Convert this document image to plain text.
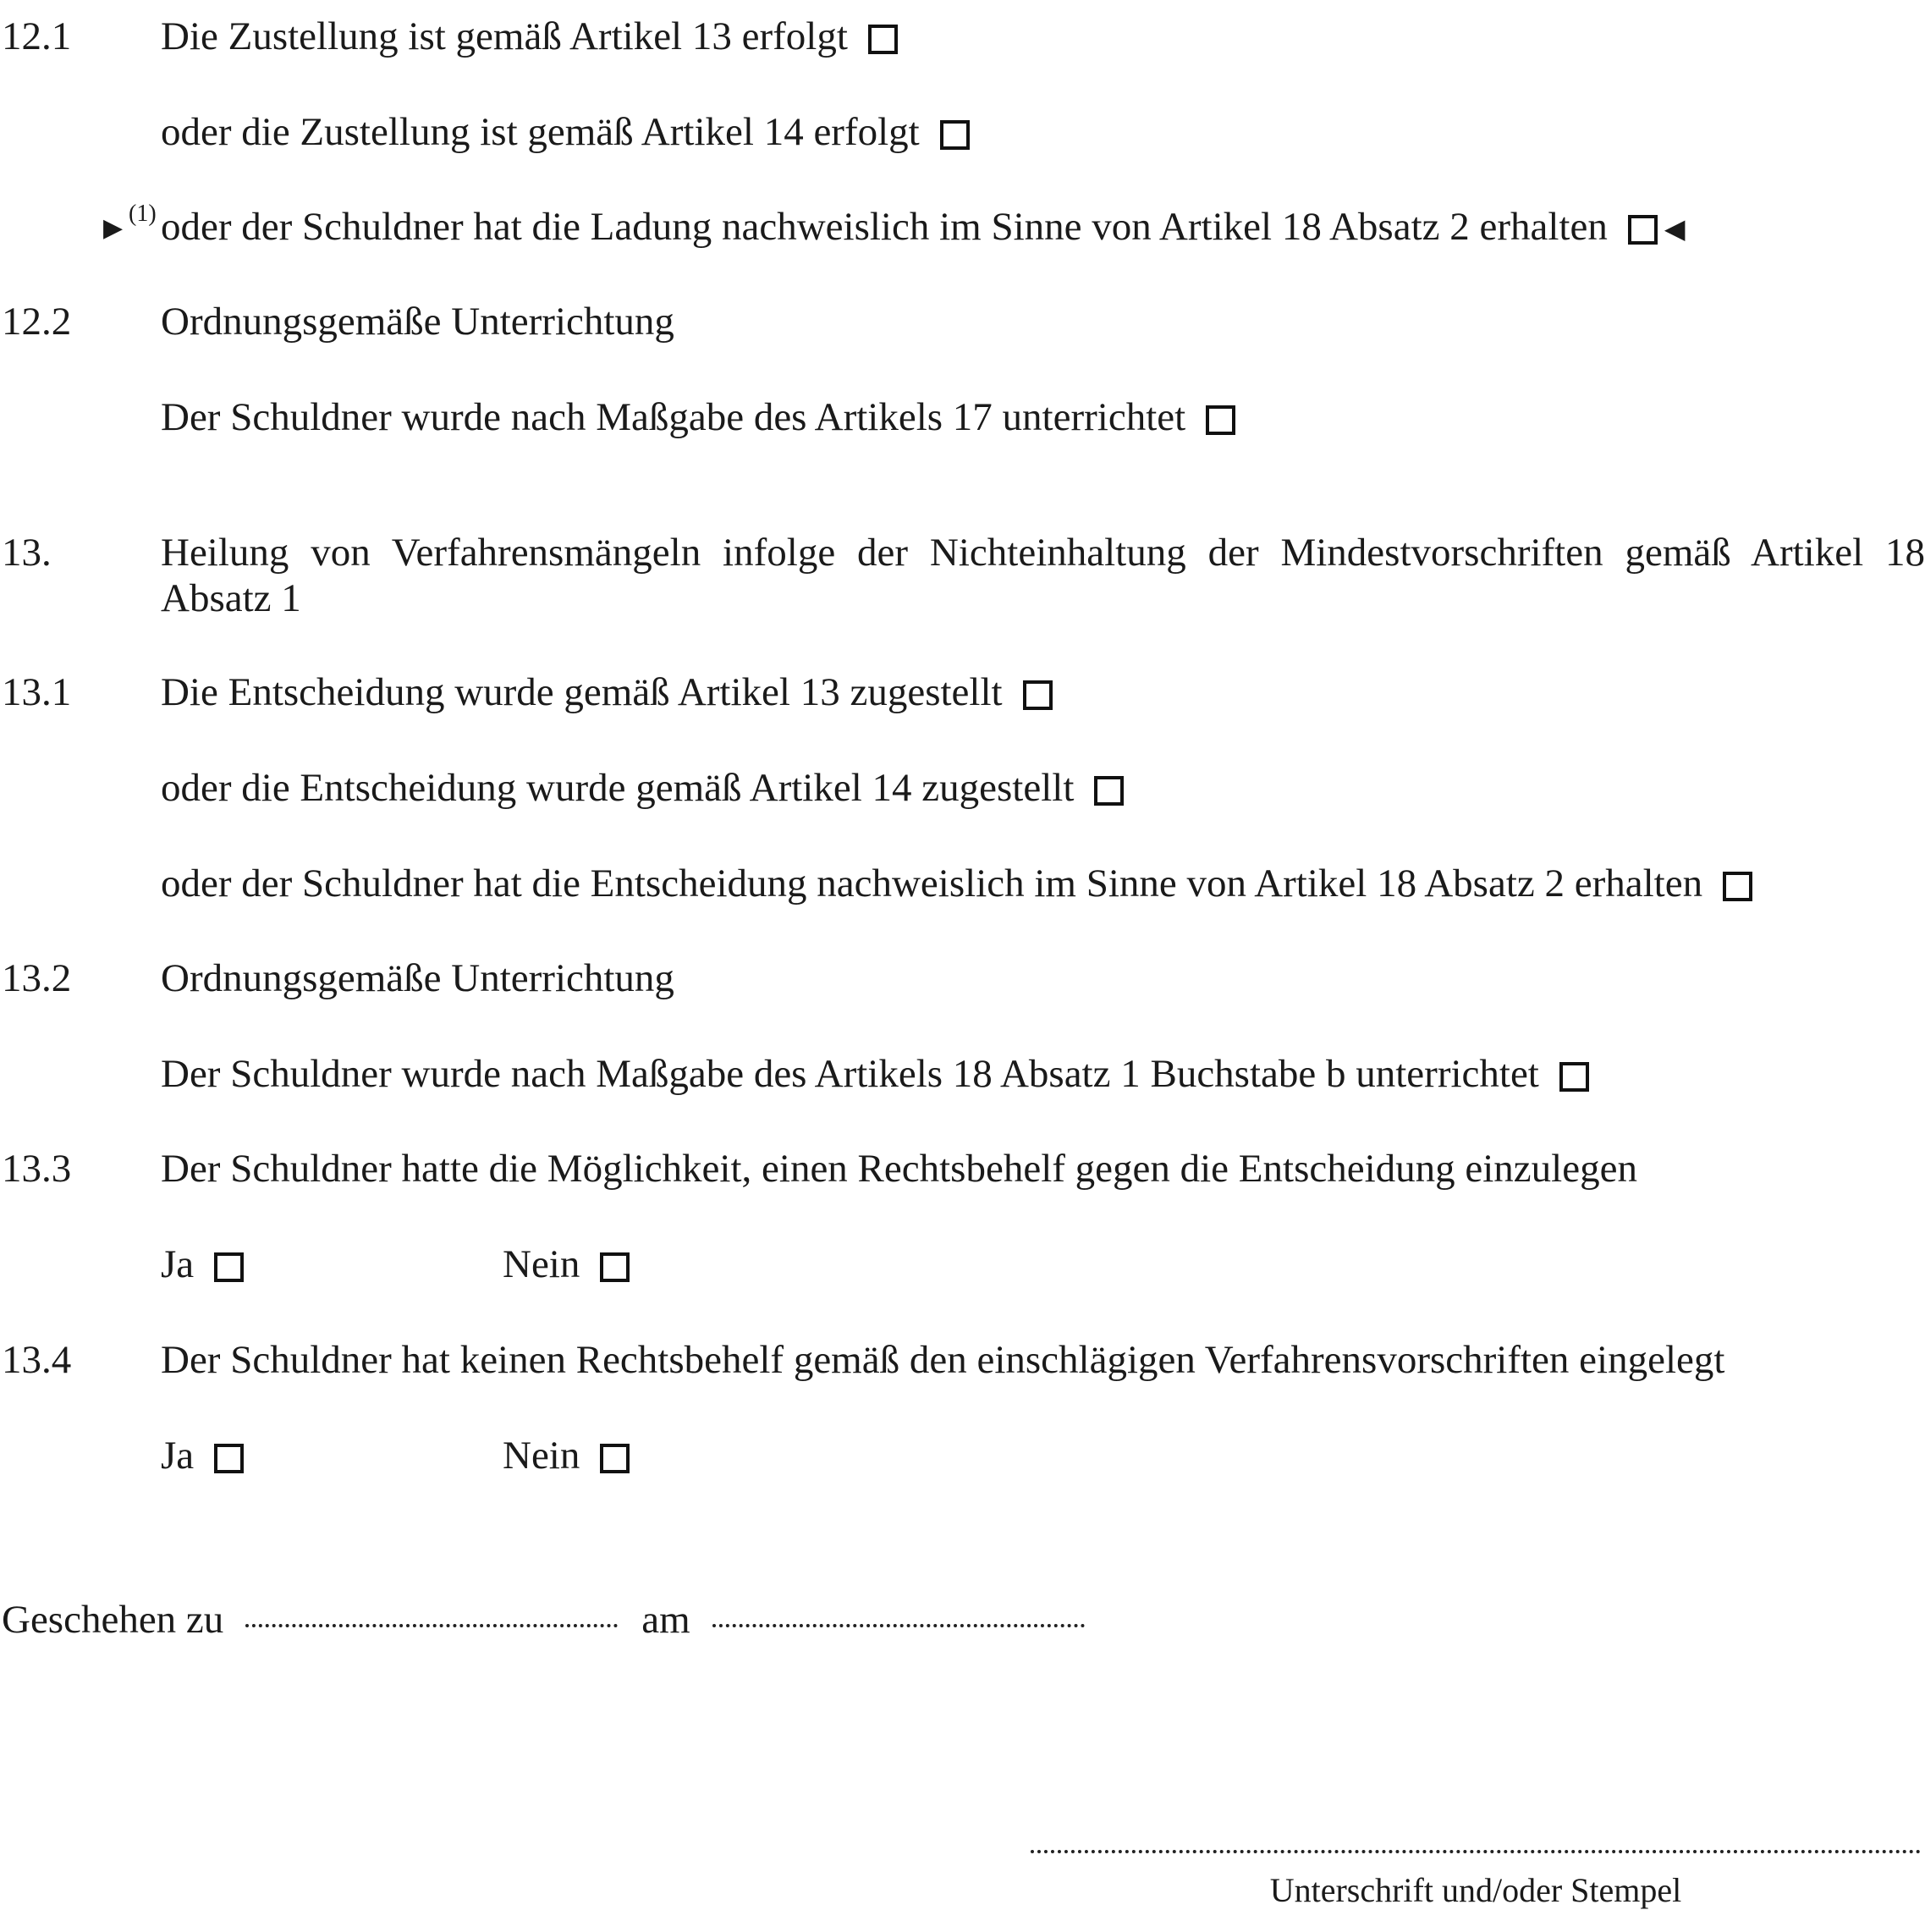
12.1 Die Zustellung ist gemäß Artikel 13 erfolgt
oder die Zustellung ist gemäß Artikel 14 erfolgt
▶
(1) oder der Schuldner hat die Ladung nachweislich im Sinne von Artikel 18 Absatz 2 erhalten ◀
12.2 Ordnungsgemäße Unterrichtung
Der Schuldner wurde nach Maßgabe des Artikels 17 unterrichtet
13.	Heilung von Verfahrensmängeln infolge der Nichteinhaltung der Mindestvorschriften gemäß Artikel 18
Absatz 1
13.1 Die Entscheidung wurde gemäß Artikel 13 zugestellt
oder die Entscheidung wurde gemäß Artikel 14 zugestellt
oder der Schuldner hat die Entscheidung nachweislich im Sinne von Artikel 18 Absatz 2 erhalten
13.2 Ordnungsgemäße Unterrichtung
Der Schuldner wurde nach Maßgabe des Artikels 18 Absatz 1 Buchstabe b unterrichtet
13.3 Der Schuldner hatte die Möglichkeit, einen Rechtsbehelf gegen die Entscheidung einzulegen
Ja	Nein
13.4 Der Schuldner hat keinen Rechtsbehelf gemäß den einschlägigen Verfahrensvorschriften eingelegt
Ja	Nein
Geschehen zu	am
Unterschrift und/oder Stempel
